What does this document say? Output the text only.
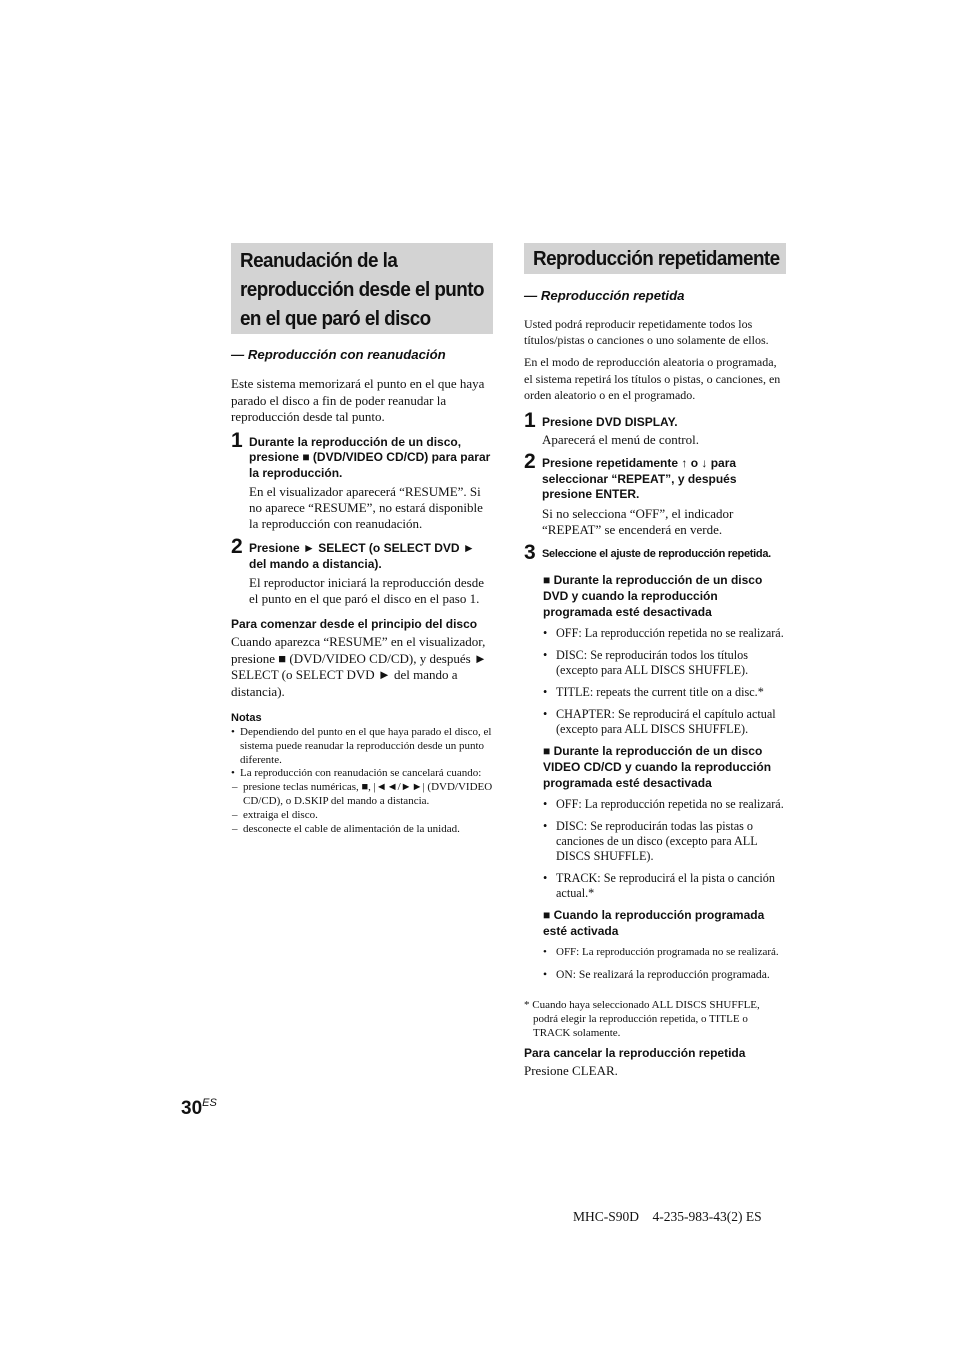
Reanudación de la
reproducción desde el punto
en el que paró el disco
— Reproducción con reanudación

Este sistema memorizará el punto en el que haya parado el disco a fin de poder reanudar la reproducción desde tal punto.

1 Durante la reproducción de un disco, presione ■ (DVD/VIDEO CD/CD) para parar la reproducción.
En el visualizador aparecerá “RESUME”. Si no aparece “RESUME”, no estará disponible la reproducción con reanudación.
2 Presione ► SELECT (o SELECT DVD ► del mando a distancia).
El reproductor iniciará la reproducción desde el punto en el que paró el disco en el paso 1.
Para comenzar desde el principio del disco

Cuando aparezca “RESUME” en el visualizador, presione ■ (DVD/VIDEO CD/CD), y después ► SELECT (o SELECT DVD ► del mando a distancia).

Notas
• Dependiendo del punto en el que haya parado el disco, el sistema puede reanudar la reproducción desde un punto diferente.
• La reproducción con reanudación se cancelará cuando:
– presione teclas numéricas, ■, |◄◄/►►| (DVD/VIDEO CD/CD), o D.SKIP del mando a distancia.
– extraiga el disco.
– desconecte el cable de alimentación de la unidad.
Reproducción repetidamente
— Reproducción repetida

Usted podrá reproducir repetidamente todos los títulos/pistas o canciones o uno solamente de ellos.

En el modo de reproducción aleatoria o programada, el sistema repetirá los títulos o pistas, o canciones, en orden aleatorio o en el programado.

1 Presione DVD DISPLAY.
Aparecerá el menú de control.
2 Presione repetidamente ↑ o ↓ para seleccionar “REPEAT”, y después presione ENTER.
Si no selecciona “OFF”, el indicador “REPEAT” se encenderá en verde.
3 Seleccione el ajuste de reproducción repetida.
■ Durante la reproducción de un disco DVD y cuando la reproducción programada esté desactivada
• OFF: La reproducción repetida no se realizará.
• DISC: Se reproducirán todos los títulos (excepto para ALL DISCS SHUFFLE).
• TITLE: repeats the current title on a disc.*
• CHAPTER: Se reproducirá el capítulo actual (excepto para ALL DISCS SHUFFLE).
■ Durante la reproducción de un disco VIDEO CD/CD y cuando la reproducción programada esté desactivada
• OFF: La reproducción repetida no se realizará.
• DISC: Se reproducirán todas las pistas o canciones de un disco (excepto para ALL DISCS SHUFFLE).
• TRACK: Se reproducirá el la pista o canción actual.*
■ Cuando la reproducción programada esté activada
• OFF: La reproducción programada no se realizará.
• ON: Se realizará la reproducción programada.

* Cuando haya seleccionado ALL DISCS SHUFFLE, podrá elegir la reproducción repetida, o TITLE o TRACK solamente.

Para cancelar la reproducción repetida

Presione CLEAR.

$30^{ES}$
MHC-S90D    4-235-983-43(2) ES
